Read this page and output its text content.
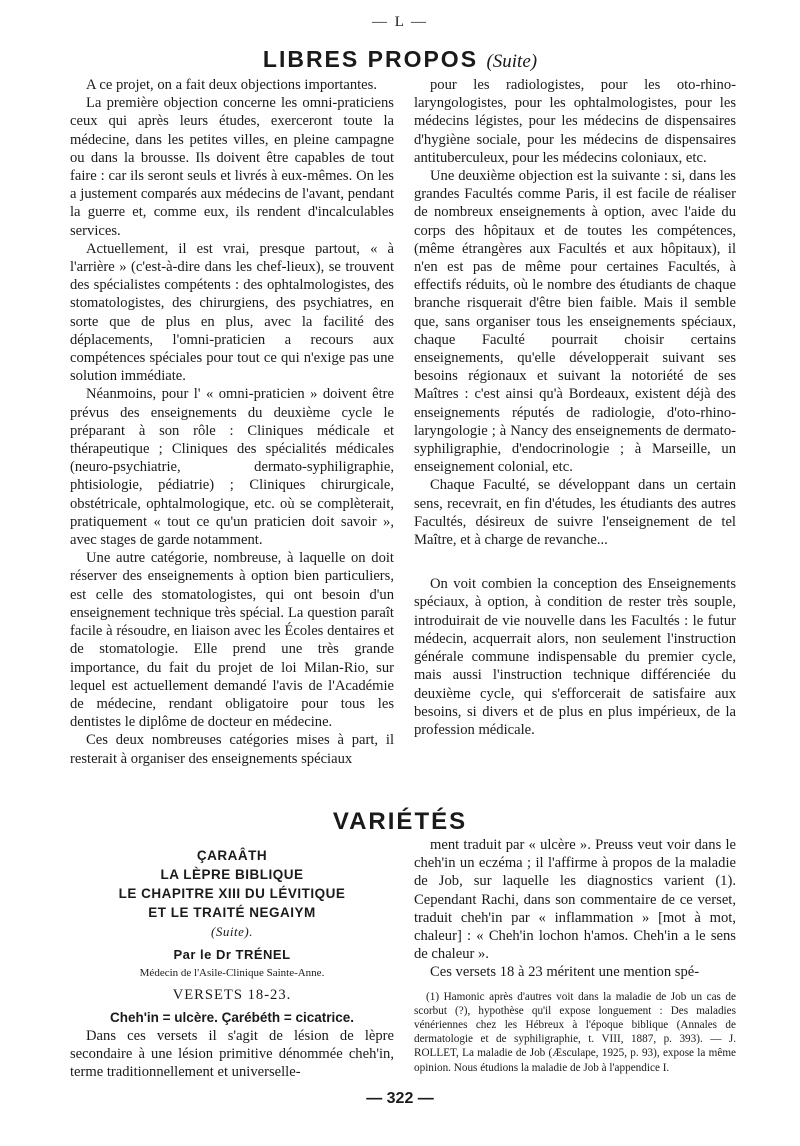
— L —
LIBRES PROPOS (Suite)

A ce projet, on a fait deux objections importantes.

La première objection concerne les omni-praticiens ceux qui après leurs études, exerceront toute la médecine, dans les petites villes, en pleine campagne ou dans la brousse. Ils doivent être capables de tout faire : car ils seront seuls et livrés à eux-mêmes. On les a justement comparés aux médecins de l'avant, pendant la guerre et, comme eux, ils rendent d'incalculables services.

Actuellement, il est vrai, presque partout, « à l'arrière » (c'est-à-dire dans les chef-lieux), se trouvent des spécialistes compétents : des ophtalmologistes, des stomatologistes, des chirurgiens, des psychiatres, en sorte que de plus en plus, avec la facilité des déplacements, l'omni-praticien a recours aux compétences spéciales pour tout ce qui n'exige pas une solution immédiate.

Néanmoins, pour l' « omni-praticien » doivent être prévus des enseignements du deuxième cycle le préparant à son rôle : Cliniques médicale et thérapeutique ; Cliniques des spécialités médicales (neuro-psychiatrie, dermato-syphiligraphie, phtisiologie, pédiatrie) ; Cliniques chirurgicale, obstétricale, ophtalmologique, etc. où se complèterait, pratiquement « tout ce qu'un praticien doit savoir », avec stages de garde notamment.

Une autre catégorie, nombreuse, à laquelle on doit réserver des enseignements à option bien particuliers, est celle des stomatologistes, qui ont besoin d'un enseignement technique très spécial. La question paraît facile à résoudre, en liaison avec les Écoles dentaires et de stomatologie. Elle prend une très grande importance, du fait du projet de loi Milan-Rio, sur lequel est actuellement demandé l'avis de l'Académie de médecine, rendant obligatoire pour tous les dentistes le diplôme de docteur en médecine.

Ces deux nombreuses catégories mises à part, il resterait à organiser des enseignements spéciaux

pour les radiologistes, pour les oto-rhino-laryngologistes, pour les ophtalmologistes, pour les médecins légistes, pour les médecins de dispensaires d'hygiène sociale, pour les médecins de dispensaires antituberculeux, pour les médecins coloniaux, etc.

Une deuxième objection est la suivante : si, dans les grandes Facultés comme Paris, il est facile de réaliser de nombreux enseignements à option, avec l'aide du corps des hôpitaux et de toutes les compétences, (même étrangères aux Facultés et aux hôpitaux), il n'en est pas de même pour certaines Facultés, à effectifs réduits, où le nombre des étudiants de chaque branche risquerait d'être bien faible. Mais il semble que, sans organiser tous les enseignements spéciaux, chaque Faculté pourrait choisir certains enseignements, qu'elle développerait suivant ses besoins régionaux et suivant la notoriété de ses Maîtres : c'est ainsi qu'à Bordeaux, existent déjà des enseignements réputés de radiologie, d'oto-rhino-laryngologie ; à Nancy des enseignements de dermato-syphiligraphie, d'endocrinologie ; à Marseille, un enseignement colonial, etc.

Chaque Faculté, se développant dans un certain sens, recevrait, en fin d'études, les étudiants des autres Facultés, désireux de suivre l'enseignement de tel Maître, et à charge de revanche...

On voit combien la conception des Enseignements spéciaux, à option, à condition de rester très souple, introduirait de vie nouvelle dans les Facultés : le futur médecin, acquerrait alors, non seulement l'instruction générale commune indispensable du premier cycle, mais aussi l'instruction technique différenciée du deuxième cycle, qui s'efforcerait de satisfaire aux besoins, si divers et de plus en plus impérieux, de la profession médicale.

VARIÉTÉS
ÇARAÂTH
LA LÈPRE BIBLIQUE
LE CHAPITRE XIII DU LÉVITIQUE
ET LE TRAITÉ NEGAIYM
(Suite).
Par le Dr TRÉNEL
Médecin de l'Asile-Clinique Sainte-Anne.
VERSETS 18-23.
Cheh'in = ulcère. Çarébéth = cicatrice.

Dans ces versets il s'agit de lésion de lèpre secondaire à une lésion primitive dénommée cheh'in, terme traditionnellement et universelle-

ment traduit par « ulcère ». Preuss veut voir dans le cheh'in un eczéma ; il l'affirme à propos de la maladie de Job, sur laquelle les diagnostics varient (1). Cependant Rachi, dans son commentaire de ce verset, traduit cheh'in par « inflammation » [mot à mot, chaleur] : « Cheh'in lochon h'amos. Cheh'in a le sens de chaleur ».

Ces versets 18 à 23 méritent une mention spé-

(1) Hamonic après d'autres voit dans la maladie de Job un cas de scorbut (?), hypothèse qu'il expose longuement : Des maladies vénériennes chez les Hébreux à l'époque biblique (Annales de dermatologie et de syphiligraphie, t. VIII, 1887, p. 393). — J. ROLLET, La maladie de Job (Æsculape, 1925, p. 93), expose la même opinion. Nous étudions la maladie de Job à l'appendice I.

— 322 —
